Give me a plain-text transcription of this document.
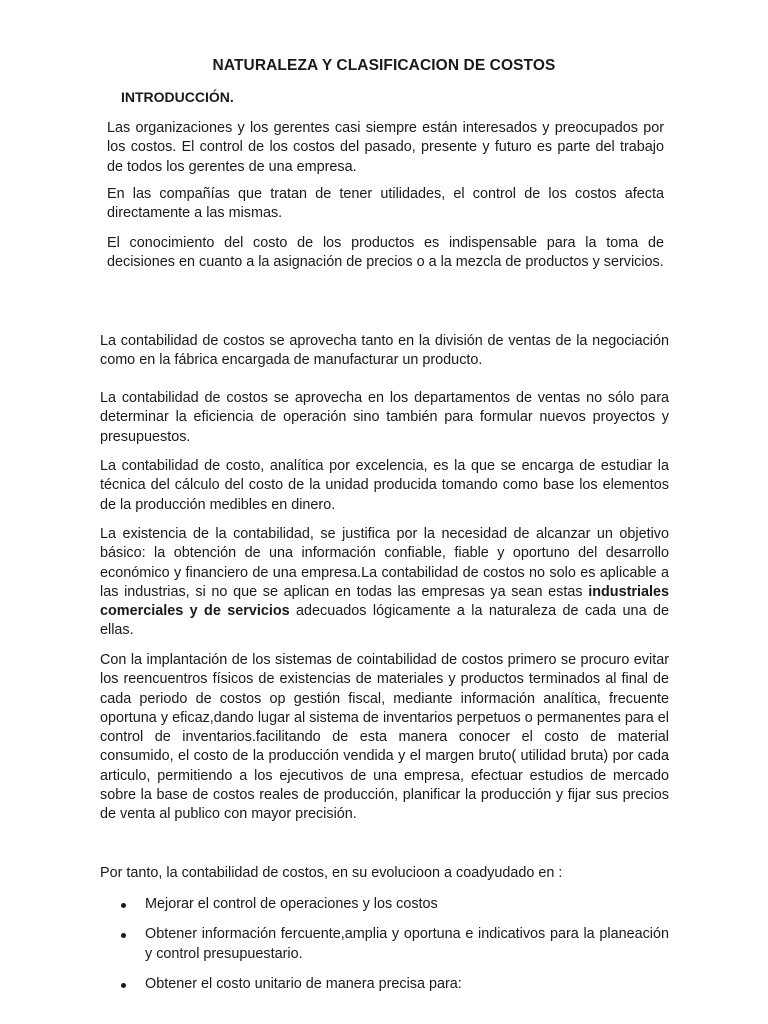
NATURALEZA Y CLASIFICACION DE COSTOS
INTRODUCCIÓN.

Las organizaciones y los gerentes casi siempre están interesados y preocupados por los costos. El control de los costos del pasado, presente y futuro es parte del trabajo de todos los gerentes de una empresa.

En las compañías que tratan de tener utilidades, el control de los costos afecta directamente a las mismas.

El conocimiento del costo de los productos es indispensable para la toma de decisiones en cuanto a la asignación de precios o a la mezcla de productos y servicios.

La contabilidad de costos se aprovecha tanto en la división de ventas de la negociación como en la fábrica encargada de manufacturar un producto.

La contabilidad de costos se aprovecha en los departamentos de ventas no sólo para determinar la eficiencia de operación sino también para formular nuevos proyectos y presupuestos.

La contabilidad de costo, analítica por excelencia, es la que se encarga de estudiar la técnica del cálculo del costo de la unidad producida tomando como base los elementos de la producción medibles en dinero.

La existencia de la contabilidad, se justifica por la necesidad de alcanzar un objetivo básico: la obtención de una información confiable, fiable y oportuno del desarrollo económico y financiero de una empresa.La contabilidad de costos no solo es aplicable a las industrias, si no que se aplican en todas las empresas ya sean estas industriales comerciales y de servicios adecuados lógicamente a la naturaleza de cada una de ellas.

Con la implantación de los sistemas de cointabilidad de costos primero se procuro evitar los reencuentros físicos de existencias de materiales y productos terminados al final de cada periodo de costos op gestión fiscal, mediante información analítica, frecuente oportuna y eficaz,dando lugar al sistema de inventarios perpetuos o permanentes para el control de inventarios.facilitando de esta manera conocer el costo de material consumido, el costo de la producción vendida y el margen bruto( utilidad bruta) por cada articulo, permitiendo a los ejecutivos de una empresa, efectuar estudios de mercado sobre la base de costos reales de producción, planificar la producción y fijar sus precios de venta al publico con mayor precisión.

Por tanto, la contabilidad de costos, en su evolucioon a coadyudado en :

Mejorar el control de operaciones y los costos
Obtener información fercuente,amplia y oportuna e indicativos para la planeación y control presupuestario.
Obtener el costo unitario de manera precisa para:
